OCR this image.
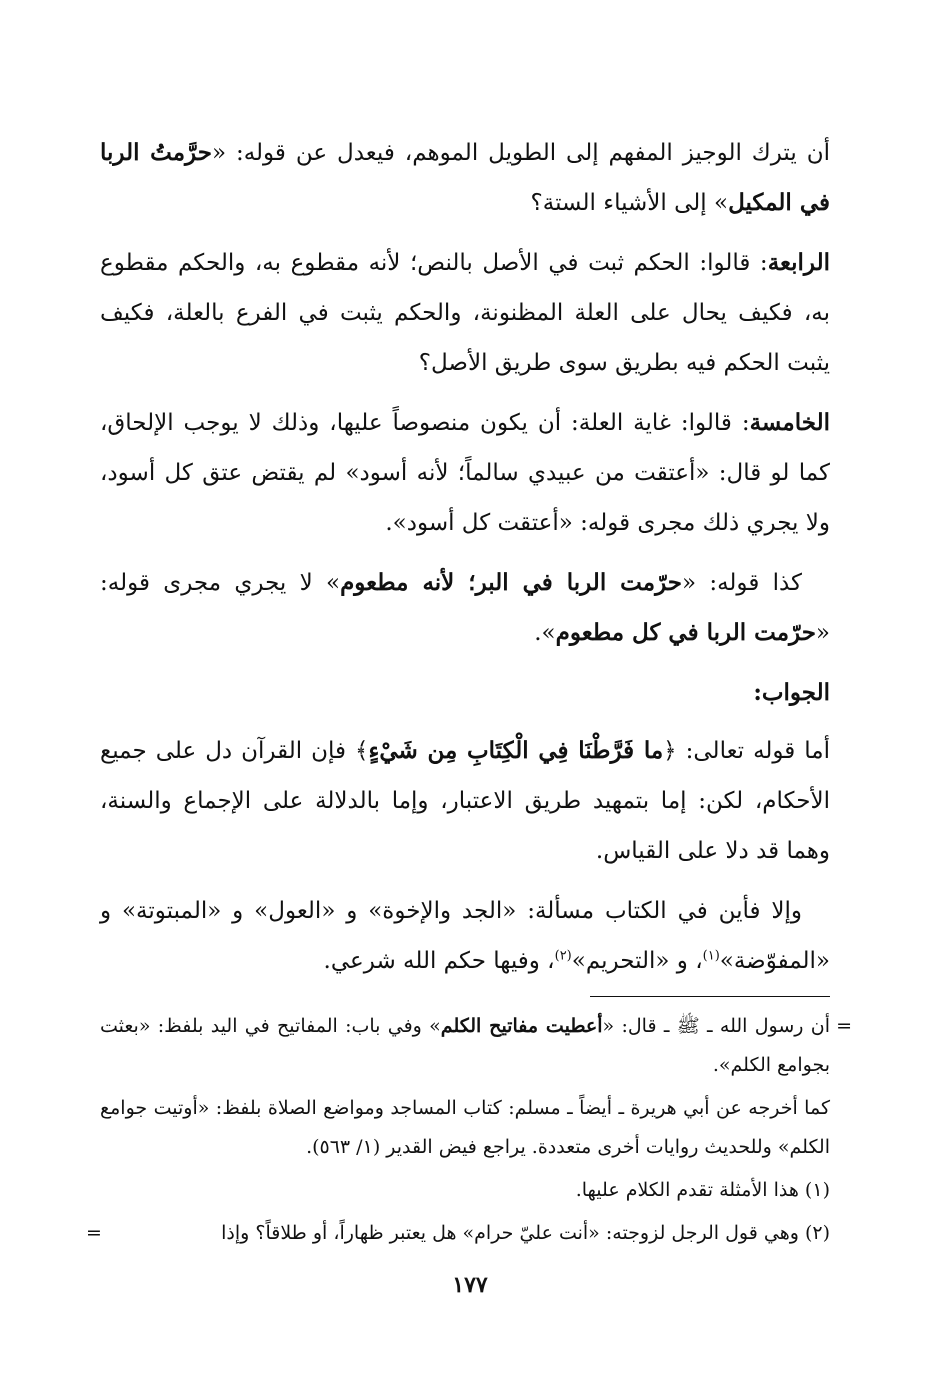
أن يترك الوجيز المفهم إلى الطويل الموهم، فيعدل عن قوله: «حرَّمتُ الربا في المكيل» إلى الأشياء الستة؟

الرابعة: قالوا: الحكم ثبت في الأصل بالنص؛ لأنه مقطوع به، والحكم مقطوع به، فكيف يحال على العلة المظنونة، والحكم يثبت في الفرع بالعلة، فكيف يثبت الحكم فيه بطريق سوى طريق الأصل؟

الخامسة: قالوا: غاية العلة: أن يكون منصوصاً عليها، وذلك لا يوجب الإلحاق، كما لو قال: «أعتقت من عبيدي سالماً؛ لأنه أسود» لم يقتض عتق كل أسود، ولا يجري ذلك مجرى قوله: «أعتقت كل أسود».

كذا قوله: «حرّمت الربا في البر؛ لأنه مطعوم» لا يجري مجرى قوله: «حرّمت الربا في كل مطعوم».

الجواب:

أما قوله تعالى: ﴿ما فَرَّطْنَا فِي الْكِتَابِ مِن شَيْءٍ﴾ فإن القرآن دل على جميع الأحكام، لكن: إما بتمهيد طريق الاعتبار، وإما بالدلالة على الإجماع والسنة، وهما قد دلا على القياس.

وإلا فأين في الكتاب مسألة: «الجد والإخوة» و «العول» و «المبتوتة» و «المفوّضة»$^{(١)}$، و «التحريم»$^{(٢)}$، وفيها حكم الله شرعي.

=
أن رسول الله ـ ﷺ ـ قال: «أعطيت مفاتيح الكلم» وفي باب: المفاتيح في اليد بلفظ: «بعثت بجوامع الكلم».

كما أخرجه عن أبي هريرة ـ أيضاً ـ مسلم: كتاب المساجد ومواضع الصلاة بلفظ: «أوتيت جوامع الكلم» وللحديث روايات أخرى متعددة. يراجع فيض القدير (١/ ٥٦٣).

(١) هذا الأمثلة تقدم الكلام عليها.

(٢) وهي قول الرجل لزوجته: «أنت عليّ حرام» هل يعتبر ظهاراً، أو طلاقاً؟ وإذا
=

١٧٧
